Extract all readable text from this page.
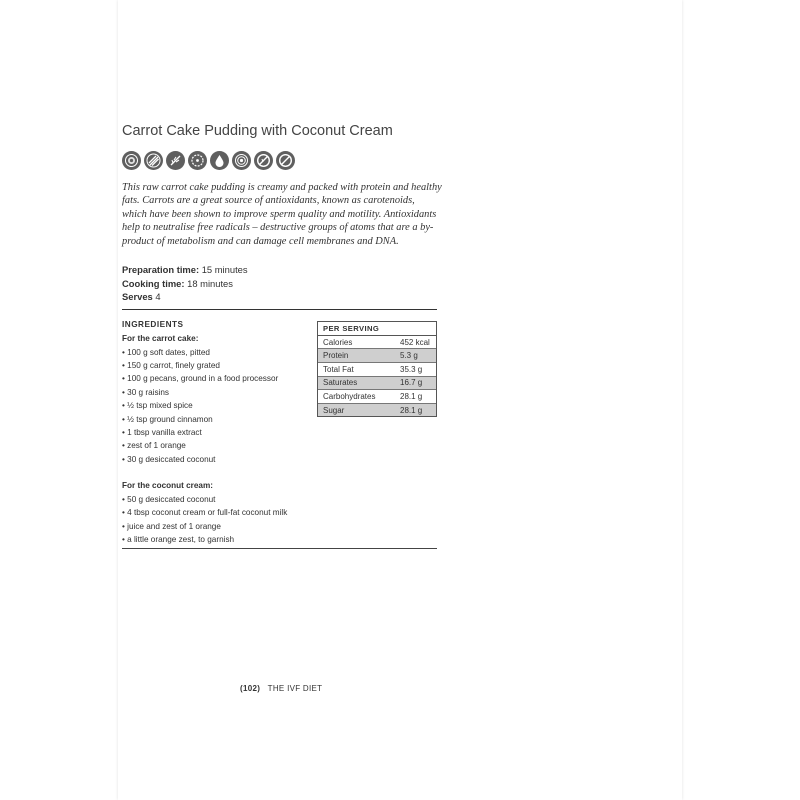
Carrot Cake Pudding with Coconut Cream

This raw carrot cake pudding is creamy and packed with protein and healthy fats. Carrots are a great source of antioxidants, known as carotenoids, which have been shown to improve sperm quality and motility. Antioxidants help to neutralise free radicals – destructive groups of atoms that are a by-product of metabolism and can damage cell membranes and DNA.

Preparation time: 15 minutes
Cooking time: 18 minutes
Serves 4
INGREDIENTS
For the carrot cake:
• 100 g soft dates, pitted
• 150 g carrot, finely grated
• 100 g pecans, ground in a food processor
• 30 g raisins
• ½ tsp mixed spice
• ½ tsp ground cinnamon
• 1 tbsp vanilla extract
• zest of 1 orange
• 30 g desiccated coconut
For the coconut cream:
• 50 g desiccated coconut
• 4 tbsp coconut cream or full-fat coconut milk
• juice and zest of 1 orange
• a little orange zest, to garnish
PER SERVING
Calories	452 kcal
Protein	5.3 g
Total Fat	35.3 g
Saturates	16.7 g
Carbohydrates	28.1 g
Sugar	28.1 g
(102) THE IVF DIET
